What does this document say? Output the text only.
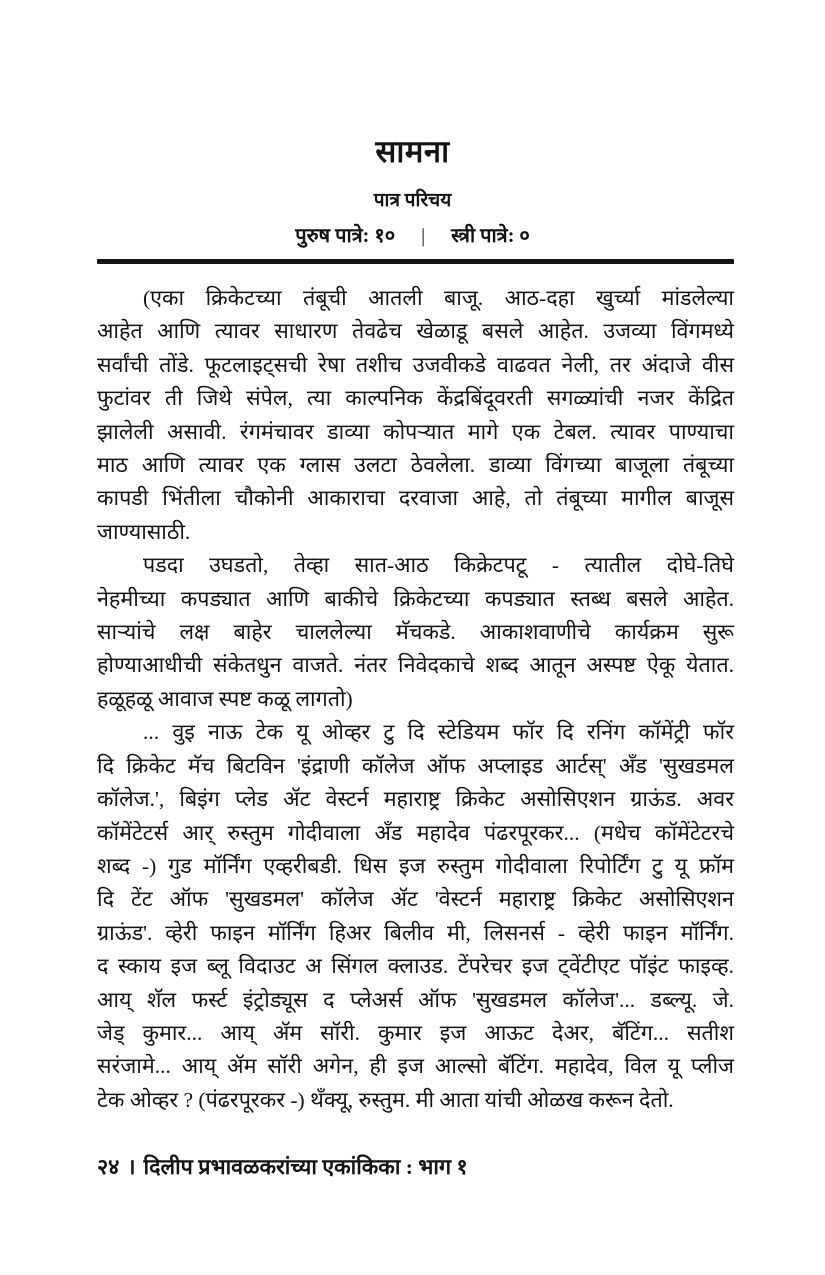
सामना
पात्र परिचय
पुरुष पात्रे: १० | स्त्री पात्रे: ०
(एका क्रिकेटच्या तंबूची आतली बाजू. आठ-दहा खुर्च्या मांडलेल्या
आहेत आणि त्यावर साधारण तेवढेच खेळाडू बसले आहेत. उजव्या विंगमध्ये
सर्वांची तोंडे. फूटलाइट्सची रेषा तशीच उजवीकडे वाढवत नेली, तर अंदाजे वीस
फुटांवर ती जिथे संपेल, त्या काल्पनिक केंद्रबिंदूवरती सगळ्यांची नजर केंद्रित
झालेली असावी. रंगमंचावर डाव्या कोपऱ्यात मागे एक टेबल. त्यावर पाण्याचा
माठ आणि त्यावर एक ग्लास उलटा ठेवलेला. डाव्या विंगच्या बाजूला तंबूच्या
कापडी भिंतीला चौकोनी आकाराचा दरवाजा आहे, तो तंबूच्या मागील बाजूस
जाण्यासाठी.
पडदा उघडतो, तेव्हा सात-आठ किक्रेटपटू - त्यातील दोघे-तिघे
नेहमीच्या कपड्यात आणि बाकीचे क्रिकेटच्या कपड्यात स्तब्ध बसले आहेत.
साऱ्यांचे लक्ष बाहेर चाललेल्या मॅचकडे. आकाशवाणीचे कार्यक्रम सुरू
होण्याआधीची संकेतधुन वाजते. नंतर निवेदकाचे शब्द आतून अस्पष्ट ऐकू येतात.
हळूहळू आवाज स्पष्ट कळू लागतो)
... वुइ नाऊ टेक यू ओव्हर टु दि स्टेडियम फॉर दि रनिंग कॉमेंट्री फॉर
दि क्रिकेट मॅच बिटविन 'इंद्राणी कॉलेज ऑफ अप्लाइड आर्टस्' अँड 'सुखडमल
कॉलेज.', बिइंग प्लेड ॲट वेस्टर्न महाराष्ट्र क्रिकेट असोसिएशन ग्राऊंड. अवर
कॉमेंटेटर्स आर् रुस्तुम गोदीवाला अँड महादेव पंढरपूरकर... (मधेच कॉमेंटेटरचे
शब्द -) गुड मॉर्निंग एव्हरीबडी. धिस इज रुस्तुम गोदीवाला रिपोर्टिंग टु यू फ्रॉम
दि टेंट ऑफ 'सुखडमल' कॉलेज ॲट 'वेस्टर्न महाराष्ट्र क्रिकेट असोसिएशन
ग्राऊंड'. व्हेरी फाइन मॉर्निंग हिअर बिलीव मी, लिसनर्स - व्हेरी फाइन मॉर्निंग.
द स्काय इज ब्लू विदाउट अ सिंगल क्लाउड. टेंपरेचर इज ट्वेंटीएट पॉइंट फाइव्ह.
आय् शॅल फर्स्ट इंट्रोड्यूस द प्लेअर्स ऑफ 'सुखडमल कॉलेज'... डब्ल्यू. जे.
जेड् कुमार... आय् ॲम सॉरी. कुमार इज आऊट देअर, बॅटिंग... सतीश
सरंजामे... आय् ॲम सॉरी अगेन, ही इज आल्सो बॅटिंग. महादेव, विल यू प्लीज
टेक ओव्हर ? (पंढरपूरकर -) थँक्यू, रुस्तुम. मी आता यांची ओळख करून देतो.
२४ । दिलीप प्रभावळकरांच्या एकांकिका : भाग १
